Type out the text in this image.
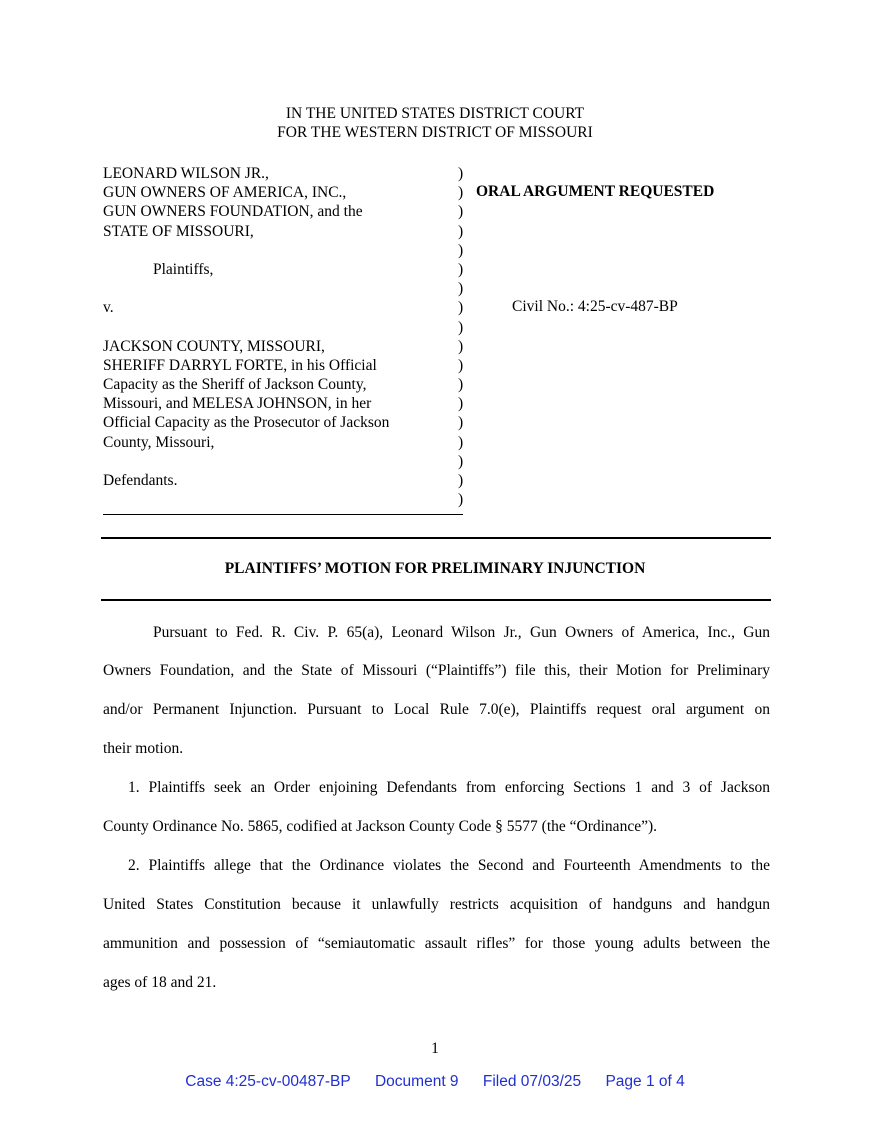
IN THE UNITED STATES DISTRICT COURT
FOR THE WESTERN DISTRICT OF MISSOURI
LEONARD WILSON JR.,
GUN OWNERS OF AMERICA, INC.,
GUN OWNERS FOUNDATION, and the
STATE OF MISSOURI,
Plaintiffs,
v.
JACKSON COUNTY, MISSOURI,
SHERIFF DARRYL FORTE, in his Official
Capacity as the Sheriff of Jackson County,
Missouri, and MELESA JOHNSON, in her
Official Capacity as the Prosecutor of Jackson
County, Missouri,
Defendants.
)
)
)
)
)
)
)
)
)
)
)
)
)
)
)
)
)
)
ORAL ARGUMENT REQUESTED
Civil No.: 4:25-cv-487-BP
PLAINTIFFS’ MOTION FOR PRELIMINARY INJUNCTION
Pursuant to Fed. R. Civ. P. 65(a), Leonard Wilson Jr., Gun Owners of America, Inc., Gun
Owners Foundation, and the State of Missouri (“Plaintiffs”) file this, their Motion for Preliminary
and/or Permanent Injunction. Pursuant to Local Rule 7.0(e), Plaintiffs request oral argument on
their motion.
1. Plaintiffs seek an Order enjoining Defendants from enforcing Sections 1 and 3 of Jackson
County Ordinance No. 5865, codified at Jackson County Code § 5577 (the “Ordinance”).
2. Plaintiffs allege that the Ordinance violates the Second and Fourteenth Amendments to the
United States Constitution because it unlawfully restricts acquisition of handguns and handgun
ammunition and possession of “semiautomatic assault rifles” for those young adults between the
ages of 18 and 21.
1
Case 4:25-cv-00487-BP Document 9 Filed 07/03/25 Page 1 of 4
